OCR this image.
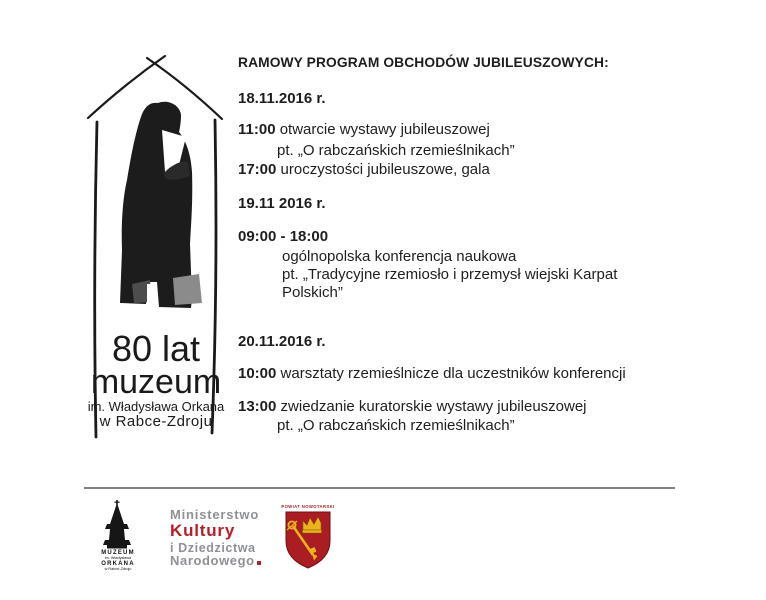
80 lat
muzeum
im. Władysława Orkana
w Rabce-Zdroju
RAMOWY PROGRAM OBCHODÓW JUBILEUSZOWYCH:
18.11.2016 r.
11:00 otwarcie wystawy jubileuszowej
pt. „O rabczańskich rzemieślnikach”
17:00 uroczystości jubileuszowe, gala
19.11 2016 r.
09:00 - 18:00
ogólnopolska konferencja naukowa
pt. „Tradycyjne rzemiosło i przemysł wiejski Karpat
Polskich”
20.11.2016 r.
10:00 warsztaty rzemieślnicze dla uczestników konferencji
13:00 zwiedzanie kuratorskie wystawy jubileuszowej
pt. „O rabczańskich rzemieślnikach”
MUZEUM
im. Władysława
ORKANA
w Rabce-Zdroju
Ministerstwo
Kultury
i Dziedzictwa
Narodowego
POWIAT NOWOTARSKI
